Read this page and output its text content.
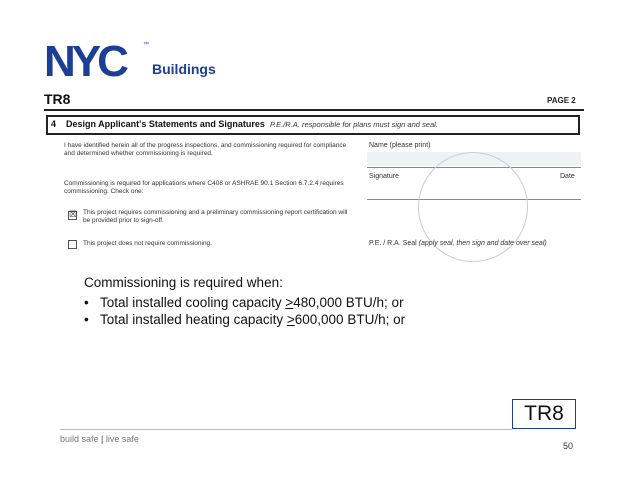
NYC	™
Buildings
TR8	PAGE 2
4 Design Applicant's Statements and Signatures P.E./R.A. responsible for plans must sign and seal.
I have identified herein all of the progress inspections, and commissioning required for compliance and determined whether commissioning is required.
Commissioning is required for applications where C408 or ASHRAE 90.1 Section 6.7.2.4 requires commissioning. Check one:
☒ This project requires commissioning and a preliminary commissioning report certification will be provided prior to sign-off.
This project does not require commissioning.
Name (please print)
Signature	Date
P.E. / R.A. Seal (apply seal, then sign and date over seal)
Commissioning is required when:
• Total installed cooling capacity ≥480,000 BTU/h; or
• Total installed heating capacity ≥600,000 BTU/h; or
TR8
build safe | live safe
50
